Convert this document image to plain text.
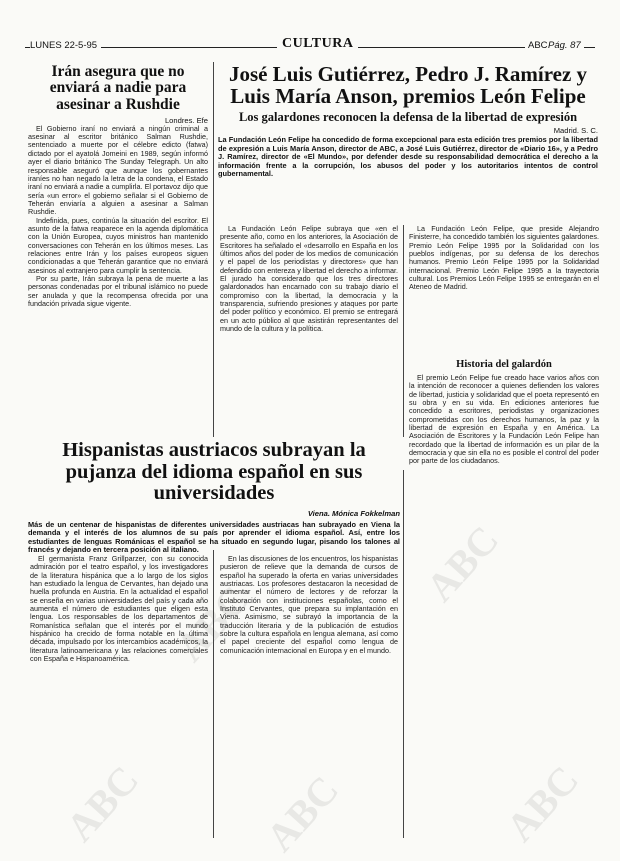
ABC
ABC
ABC	ABC
ABC
LUNES 22-5-95	CULTURA	ABC Pág. 87
Irán asegura que no enviará a nadie para asesinar a Rushdie
Londres. Efe

El Gobierno iraní no enviará a ningún criminal a asesinar al escritor británico Salman Rushdie, sentenciado a muerte por el célebre edicto (fatwa) dictado por el ayatolá Jomeini en 1989, según informó ayer el diario británico The Sunday Telegraph. Un alto responsable aseguró que aunque los gobernantes iraníes no han negado la letra de la condena, el Estado iraní no enviará a nadie a cumplirla. El portavoz dijo que sería «un error» el gobierno señalar si el Gobierno de Teherán enviaría a alguien a asesinar a Salman Rushdie.

Indefinida, pues, continúa la situación del escritor. El asunto de la fatwa reaparece en la agenda diplomática con la Unión Europea, cuyos ministros han mantenido conversaciones con Teherán en los últimos meses. Las relaciones entre Irán y los países europeos siguen condicionadas a que Teherán garantice que no enviará asesinos al extranjero para cumplir la sentencia.

Por su parte, Irán subraya la pena de muerte a las personas condenadas por el tribunal islámico no puede ser anulada y que la recompensa ofrecida por una fundación privada sigue vigente.

José Luis Gutiérrez, Pedro J. Ramírez y Luis María Anson, premios León Felipe
Los galardones reconocen la defensa de la libertad de expresión
Madrid. S. C.
La Fundación León Felipe ha concedido de forma excepcional para esta edición tres premios por la libertad de expresión a Luis María Anson, director de ABC, a José Luis Gutiérrez, director de «Diario 16», y a Pedro J. Ramírez, director de «El Mundo», por defender desde su responsabilidad democrática el derecho a la información frente a la corrupción, los abusos del poder y los autoritarios intentos de control gubernamental.
La Fundación León Felipe subraya que «en el presente año, como en los anteriores, la Asociación de Escritores ha señalado el «desarrollo en España en los últimos años del poder de los medios de comunicación y el papel de los periodistas y directores» que han defendido con entereza y libertad el derecho a informar. El jurado ha considerado que los tres directores galardonados han encarnado con su trabajo diario el compromiso con la libertad, la democracia y la transparencia, sufriendo presiones y ataques por parte del poder político y económico. El premio se entregará en un acto público al que asistirán representantes del mundo de la cultura y la política.
La Fundación León Felipe, que preside Alejandro Finisterre, ha concedido también los siguientes galardones. Premio León Felipe 1995 por la Solidaridad con los pueblos indígenas, por su defensa de los derechos humanos. Premio León Felipe 1995 por la Solidaridad internacional. Premio León Felipe 1995 a la trayectoria cultural. Los Premios León Felipe 1995 se entregarán en el Ateneo de Madrid.
Historia del galardón
El premio León Felipe fue creado hace varios años con la intención de reconocer a quienes defienden los valores de libertad, justicia y solidaridad que el poeta representó en su obra y en su vida. En ediciones anteriores fue concedido a escritores, periodistas y organizaciones comprometidas con los derechos humanos, la paz y la libertad de expresión en España y en América. La Asociación de Escritores y la Fundación León Felipe han recordado que la libertad de información es un pilar de la democracia y que sin ella no es posible el control del poder por parte de los ciudadanos.
Hispanistas austriacos subrayan la pujanza del idioma español en sus universidades
Viena. Mónica Fokkelman
Más de un centenar de hispanistas de diferentes universidades austriacas han subrayado en Viena la demanda y el interés de los alumnos de su país por aprender el idioma español. Así, entre los estudiantes de lenguas Románicas el español se ha situado en segundo lugar, pisando los talones al francés y dejando en tercera posición al italiano.
El germanista Franz Grillparzer, con su conocida admiración por el teatro español, y los investigadores de la literatura hispánica que a lo largo de los siglos han estudiado la lengua de Cervantes, han dejado una huella profunda en Austria. En la actualidad el español se enseña en varias universidades del país y cada año aumenta el número de estudiantes que eligen esta lengua. Los responsables de los departamentos de Romanística señalan que el interés por el mundo hispánico ha crecido de forma notable en la última década, impulsado por los intercambios académicos, la literatura latinoamericana y las relaciones comerciales con España e Hispanoamérica.
En las discusiones de los encuentros, los hispanistas pusieron de relieve que la demanda de cursos de español ha superado la oferta en varias universidades austriacas. Los profesores destacaron la necesidad de aumentar el número de lectores y de reforzar la colaboración con instituciones españolas, como el Instituto Cervantes, que prepara su implantación en Viena. Asimismo, se subrayó la importancia de la traducción literaria y de la publicación de estudios sobre la cultura española en lengua alemana, así como el papel creciente del español como lengua de comunicación internacional en Europa y en el mundo.
